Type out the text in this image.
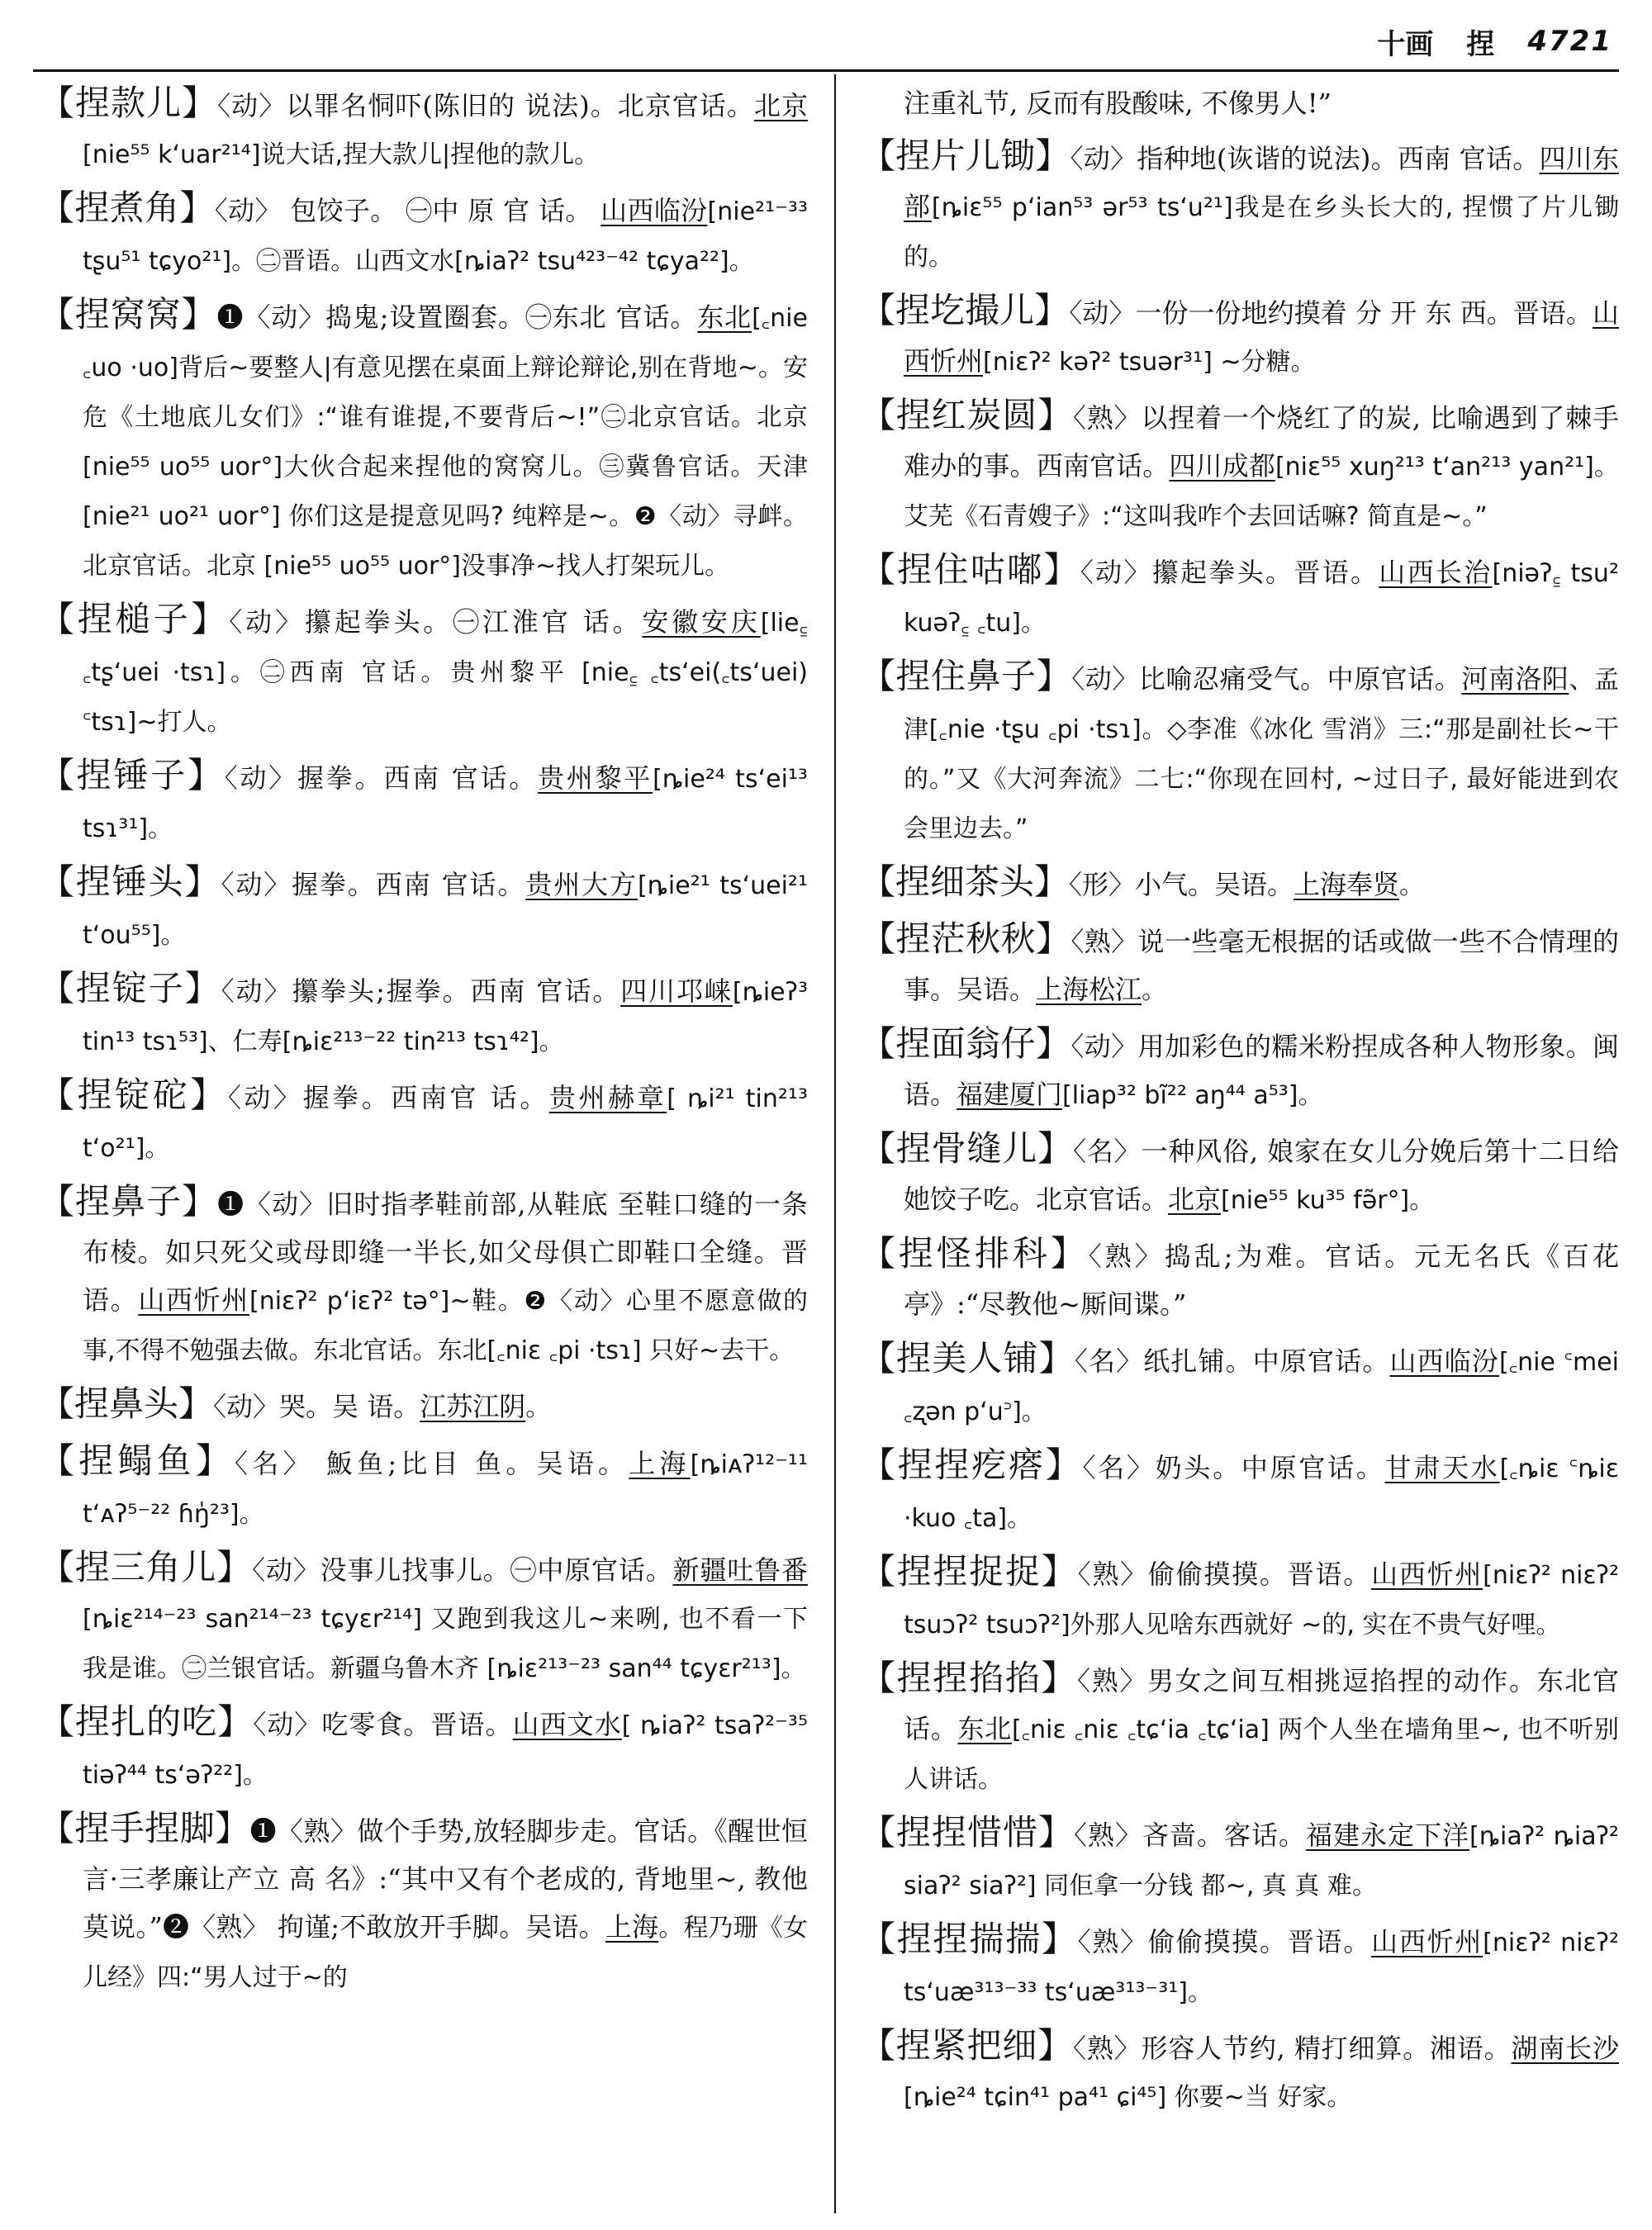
十画 捏 4721
【捏款儿】〈动〉以罪名恫吓(陈旧的 说法)。北京官话。北京[nie⁵⁵ k‘uar²¹⁴]说大话,捏大款儿|捏他的款儿。
【捏煮角】〈动〉 包饺子。 ㊀中 原 官 话。 山西临汾[nie²¹⁻³³ tʂu⁵¹ tɕyo²¹]。㊁晋语。山西文水[ȵiaʔ² tsu⁴²³⁻⁴² tɕya²²]。
【捏窝窝】❶〈动〉捣鬼;设置圈套。㊀东北 官话。东北[꜀nie ꜀uo ·uo]背后~要整人|有意见摆在桌面上辩论辩论,别在背地~。安危《土地底儿女们》:“谁有谁提,不要背后~!”㊁北京官话。北京[nie⁵⁵ uo⁵⁵ uor°]大伙合起来捏他的窝窝儿。㊂冀鲁官话。天津[nie²¹ uo²¹ uor°] 你们这是提意见吗? 纯粹是~。❷〈动〉寻衅。北京官话。北京 [nie⁵⁵ uo⁵⁵ uor°]没事净~找人打架玩儿。
【捏槌子】〈动〉攥起拳头。㊀江淮官 话。安徽安庆[lie꜁ ꜀tʂ‘uei ·tsɿ]。㊁西南 官话。贵州黎平 [nie꜁ ꜀ts‘ei(꜀ts‘uei) ꜂tsɿ]~打人。
【捏锤子】〈动〉握拳。西南 官话。贵州黎平[ȵie²⁴ ts‘ei¹³ tsɿ³¹]。
【捏锤头】〈动〉握拳。西南 官话。贵州大方[ȵie²¹ ts‘uei²¹ t‘ou⁵⁵]。
【捏锭子】〈动〉攥拳头;握拳。西南 官话。四川邛崃[ȵieʔ³ tin¹³ tsɿ⁵³]、仁寿[ȵiɛ²¹³⁻²² tin²¹³ tsɿ⁴²]。
【捏锭砣】〈动〉握拳。西南官 话。贵州赫章[ ȵi²¹ tin²¹³ t‘o²¹]。
【捏鼻子】❶〈动〉旧时指孝鞋前部,从鞋底 至鞋口缝的一条布棱。如只死父或母即缝一半长,如父母俱亡即鞋口全缝。晋语。山西忻州[niɛʔ² p‘iɛʔ² tə°]~鞋。❷〈动〉心里不愿意做的事,不得不勉强去做。东北官话。东北[꜀niɛ ꜀pi ·tsɿ] 只好~去干。
【捏鼻头】〈动〉哭。吴 语。江苏江阴。
【捏鳎鱼】〈名〉 魬鱼;比目 鱼。吴语。上海[ȵiᴀʔ¹²⁻¹¹ t‘ᴀʔ⁵⁻²² ɦŋ̍²³]。
【捏三角儿】〈动〉没事儿找事儿。㊀中原官话。新疆吐鲁番[ȵiɛ²¹⁴⁻²³ san²¹⁴⁻²³ tɕyɛr²¹⁴] 又跑到我这儿~来咧, 也不看一下我是谁。㊁兰银官话。新疆乌鲁木齐 [ȵiɛ²¹³⁻²³ san⁴⁴ tɕyɛr²¹³]。
【捏扎的吃】〈动〉吃零食。晋语。山西文水[ ȵiaʔ² tsaʔ²⁻³⁵ tiəʔ⁴⁴ ts‘əʔ²²]。
【捏手捏脚】❶〈熟〉做个手势,放轻脚步走。官话。《醒世恒言·三孝廉让产立 高 名》:“其中又有个老成的, 背地里~, 教他莫说。”❷〈熟〉 拘谨;不敢放开手脚。吴语。上海。程乃珊《女儿经》四:“男人过于~的
注重礼节, 反而有股酸味, 不像男人!”
【捏片儿锄】〈动〉指种地(诙谐的说法)。西南 官话。四川东部[ȵiɛ⁵⁵ p‘ian⁵³ ər⁵³ ts‘u²¹]我是在乡头长大的, 捏惯了片儿锄的。
【捏圪撮儿】〈动〉一份一份地约摸着 分 开 东 西。晋语。山西忻州[niɛʔ² kəʔ² tsuər³¹] ~分糖。
【捏红炭圆】〈熟〉以捏着一个烧红了的炭, 比喻遇到了棘手难办的事。西南官话。四川成都[niɛ⁵⁵ xuŋ²¹³ t‘an²¹³ yan²¹]。艾芜《石青嫂子》:“这叫我咋个去回话嘛? 简直是~。”
【捏住咕嘟】〈动〉攥起拳头。晋语。山西长治[niəʔ꜁ tsu² kuəʔ꜁ ꜀tu]。
【捏住鼻子】〈动〉比喻忍痛受气。中原官话。河南洛阳、孟津[꜀nie ·tʂu ꜀pi ·tsɿ]。◇李准《冰化 雪消》三:“那是副社长~干的。”又《大河奔流》二七:“你现在回村, ~过日子, 最好能进到农会里边去。”
【捏细茶头】〈形〉小气。吴语。上海奉贤。
【捏茫秋秋】〈熟〉说一些毫无根据的话或做一些不合情理的事。吴语。上海松江。
【捏面翁仔】〈动〉用加彩色的糯米粉捏成各种人物形象。闽语。福建厦门[liap³² bĩ²² aŋ⁴⁴ a⁵³]。
【捏骨缝儿】〈名〉一种风俗, 娘家在女儿分娩后第十二日给她饺子吃。北京官话。北京[nie⁵⁵ ku³⁵ fə̃r°]。
【捏怪排科】〈熟〉捣乱;为难。官话。元无名氏《百花亭》:“尽教他~厮间谍。”
【捏美人铺】〈名〉纸扎铺。中原官话。山西临汾[꜀nie ꜂mei ꜀ʐən p‘u꜄]。
【捏捏疙瘩】〈名〉奶头。中原官话。甘肃天水[꜀ȵiɛ ꜂ȵiɛ ·kuo ꜀ta]。
【捏捏捉捉】〈熟〉偷偷摸摸。晋语。山西忻州[niɛʔ² niɛʔ² tsuɔʔ² tsuɔʔ²]外那人见啥东西就好 ~的, 实在不贵气好哩。
【捏捏掐掐】〈熟〉男女之间互相挑逗掐捏的动作。东北官话。东北[꜀niɛ ꜀niɛ ꜀tɕ‘ia ꜀tɕ‘ia] 两个人坐在墙角里~, 也不听别人讲话。
【捏捏惜惜】〈熟〉吝啬。客话。福建永定下洋[ȵiaʔ² ȵiaʔ² siaʔ² siaʔ²] 同佢拿一分钱 都~, 真 真 难。
【捏捏揣揣】〈熟〉偷偷摸摸。晋语。山西忻州[niɛʔ² niɛʔ² ts‘uæ³¹³⁻³³ ts‘uæ³¹³⁻³¹]。
【捏紧把细】〈熟〉形容人节约, 精打细算。湘语。湖南长沙[ȵie²⁴ tɕin⁴¹ pa⁴¹ ɕi⁴⁵] 你要~当 好家。
